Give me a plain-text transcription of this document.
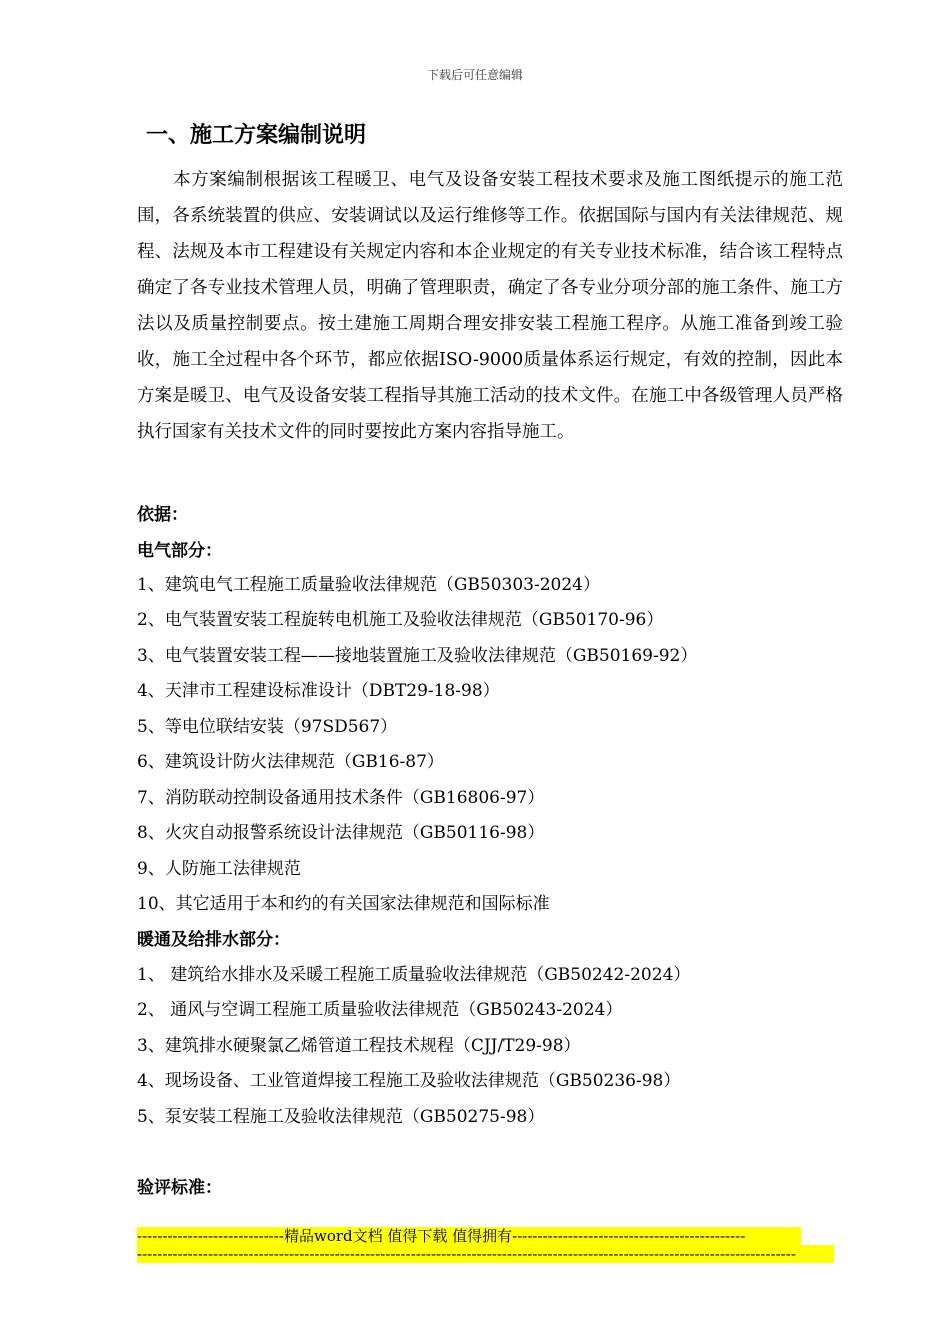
下载后可任意编辑
一、施工方案编制说明

本方案编制根据该工程暖卫、电气及设备安装工程技术要求及施工图纸提示的施工范围，各系统装置的供应、安装调试以及运行维修等工作。依据国际与国内有关法律规范、规程、法规及本市工程建设有关规定内容和本企业规定的有关专业技术标准，结合该工程特点确定了各专业技术管理人员，明确了管理职责，确定了各专业分项分部的施工条件、施工方法以及质量控制要点。按土建施工周期合理安排安装工程施工程序。从施工准备到竣工验收，施工全过程中各个环节，都应依据ISO-9000质量体系运行规定，有效的控制，因此本方案是暖卫、电气及设备安装工程指导其施工活动的技术文件。在施工中各级管理人员严格执行国家有关技术文件的同时要按此方案内容指导施工。

依据：
电气部分：
1、建筑电气工程施工质量验收法律规范（GB50303-2024）
2、电气装置安装工程旋转电机施工及验收法律规范（GB50170-96）
3、电气装置安装工程——接地装置施工及验收法律规范（GB50169-92）
4、天津市工程建设标准设计（DBT29-18-98）
5、等电位联结安装（97SD567）
6、建筑设计防火法律规范（GB16-87）
7、消防联动控制设备通用技术条件（GB16806-97）
8、火灾自动报警系统设计法律规范（GB50116-98）
9、人防施工法律规范
10、其它适用于本和约的有关国家法律规范和国际标准
暖通及给排水部分：
1、 建筑给水排水及采暖工程施工质量验收法律规范（GB50242-2024）
2、 通风与空调工程施工质量验收法律规范（GB50243-2024）
3、建筑排水硬聚氯乙烯管道工程技术规程（CJJ/T29-98）
4、现场设备、工业管道焊接工程施工及验收法律规范（GB50236-98）
5、泵安装工程施工及验收法律规范（GB50275-98）
验评标准：
-----------------------------精品word文档 值得下载 值得拥有----------------------------------------------
----------------------------------------------------------------------------------------------------------------------------------
